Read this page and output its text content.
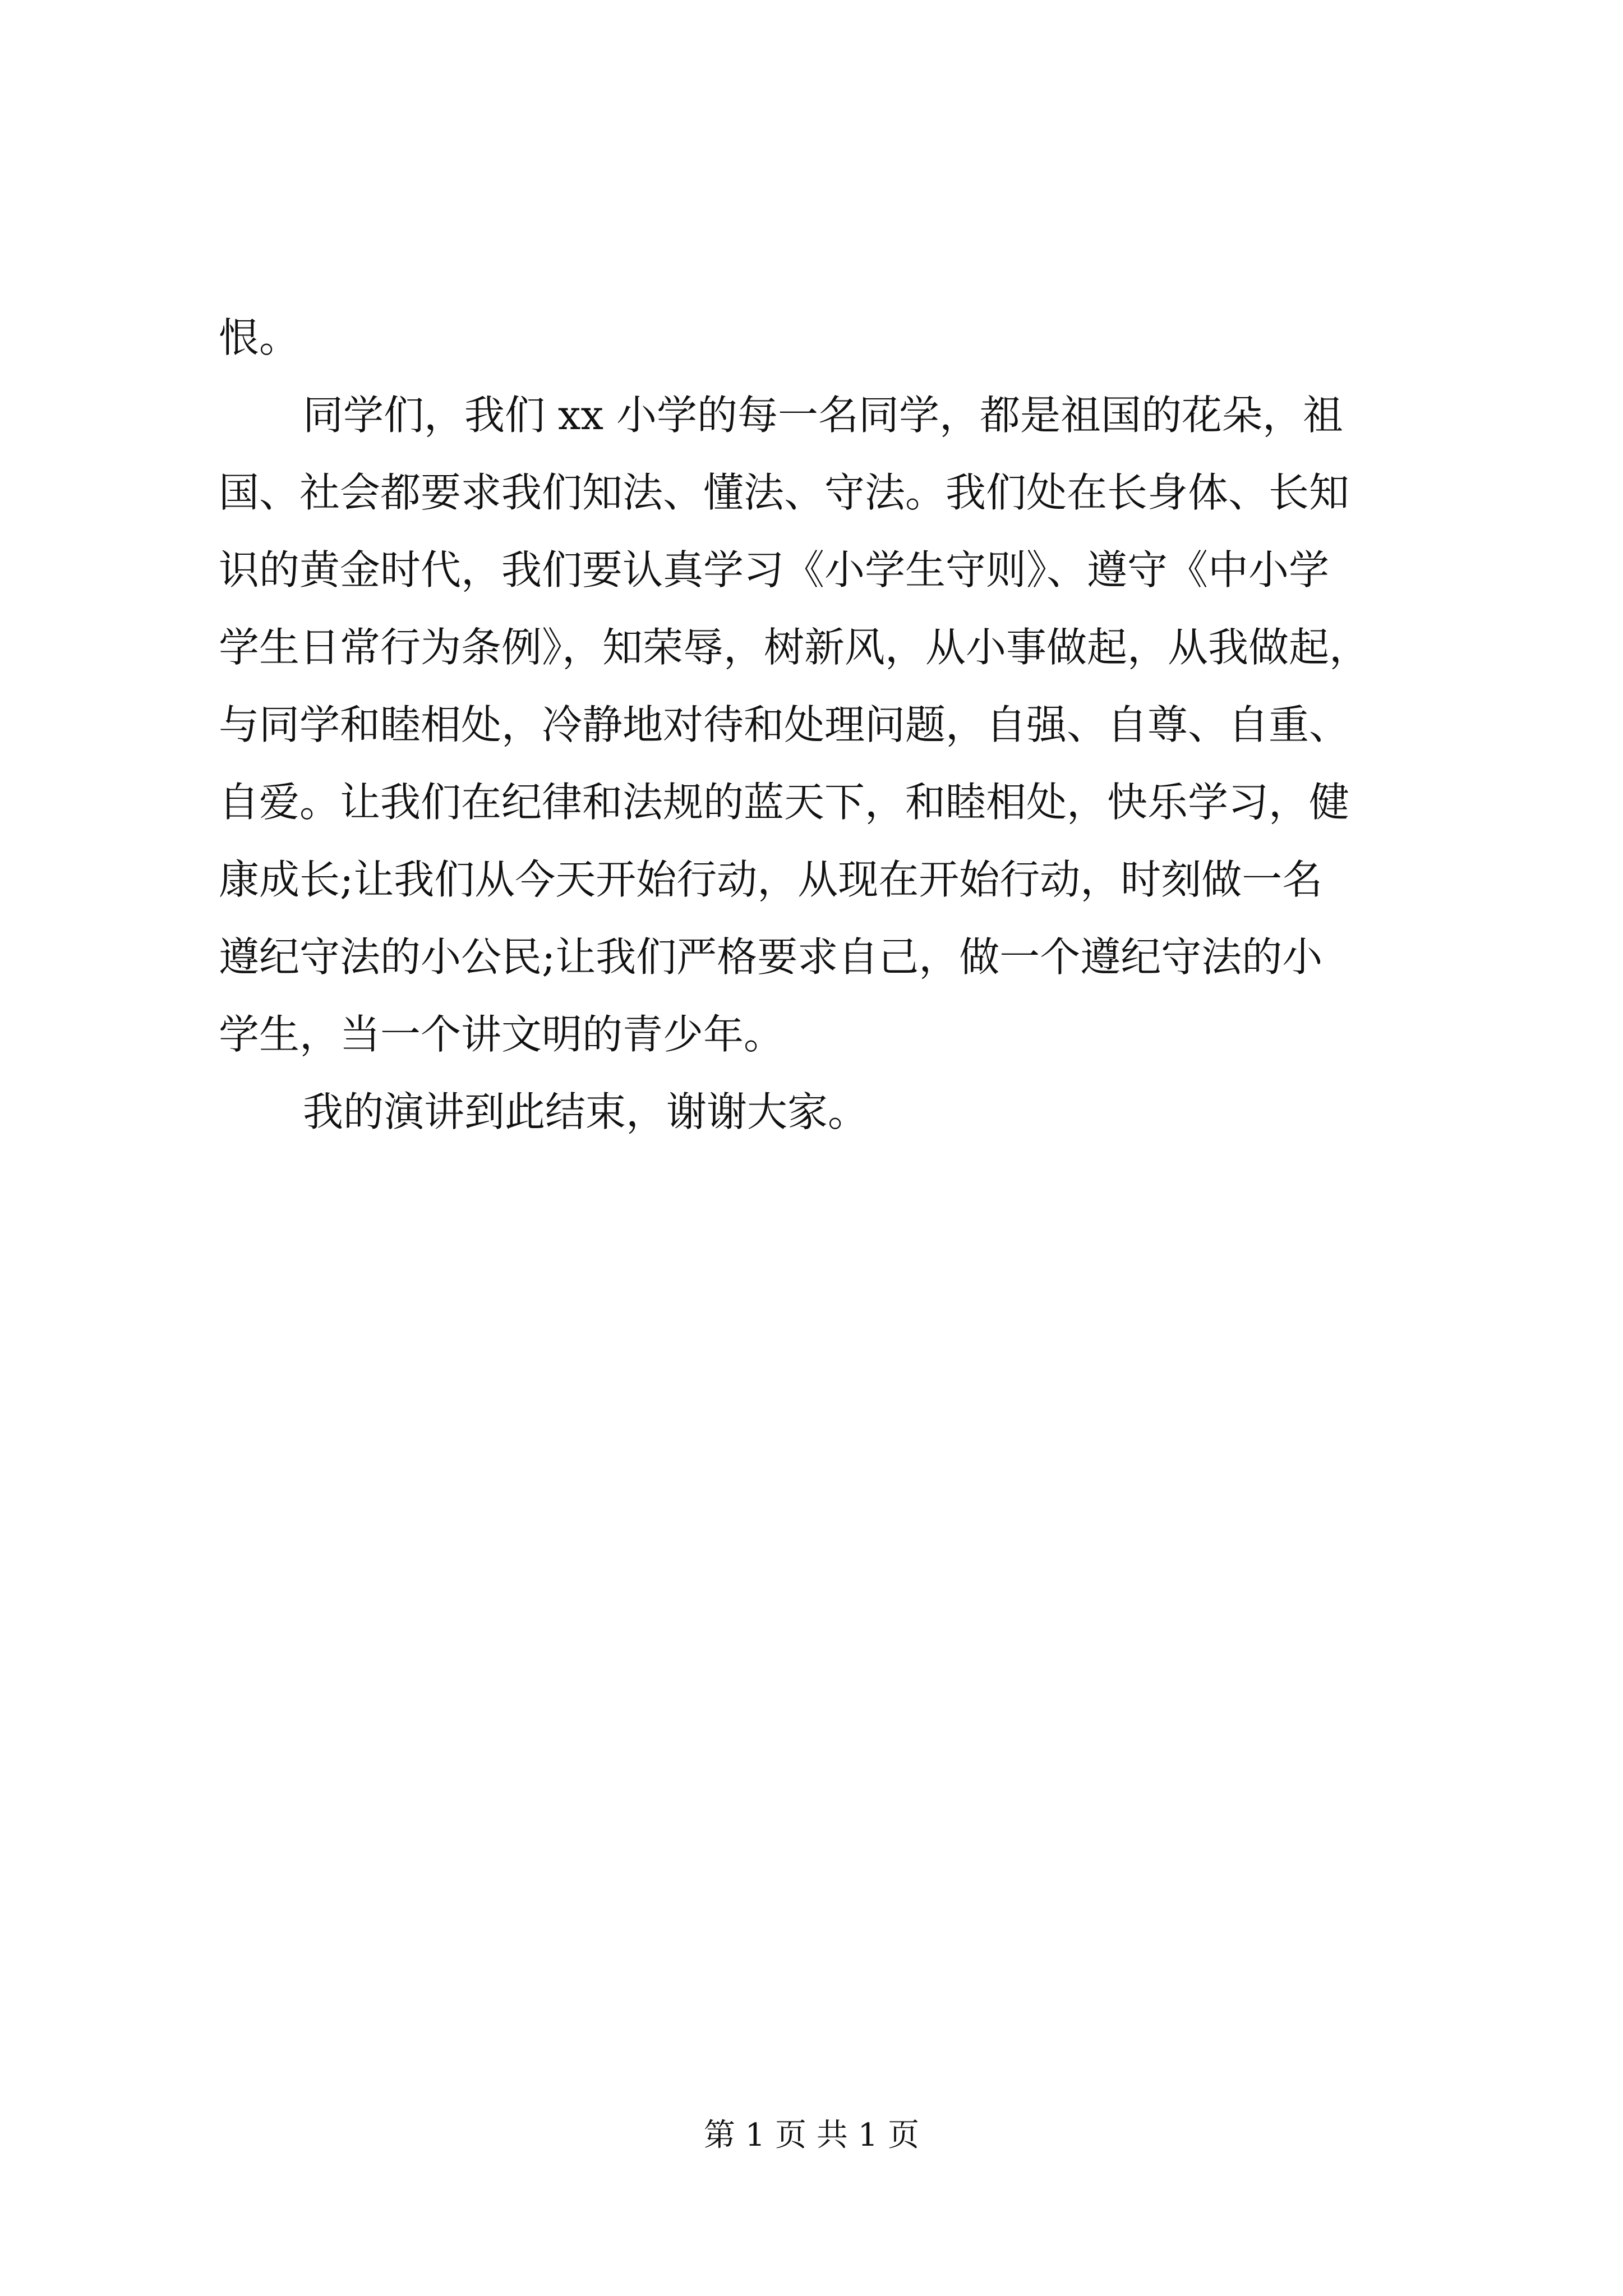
恨。
同学们，我们 xx 小学的每一名同学，都是祖国的花朵，祖
国、社会都要求我们知法、懂法、守法。我们处在长身体、长知
识的黄金时代，我们要认真学习《小学生守则》、遵守《中小学
学生日常行为条例》，知荣辱，树新风，从小事做起，从我做起，
与同学和睦相处，冷静地对待和处理问题，自强、自尊、自重、
自爱。让我们在纪律和法规的蓝天下，和睦相处，快乐学习，健
康成长;让我们从今天开始行动，从现在开始行动，时刻做一名
遵纪守法的小公民;让我们严格要求自己，做一个遵纪守法的小
学生，当一个讲文明的青少年。
我的演讲到此结束，谢谢大家。
第 1 页 共 1 页
